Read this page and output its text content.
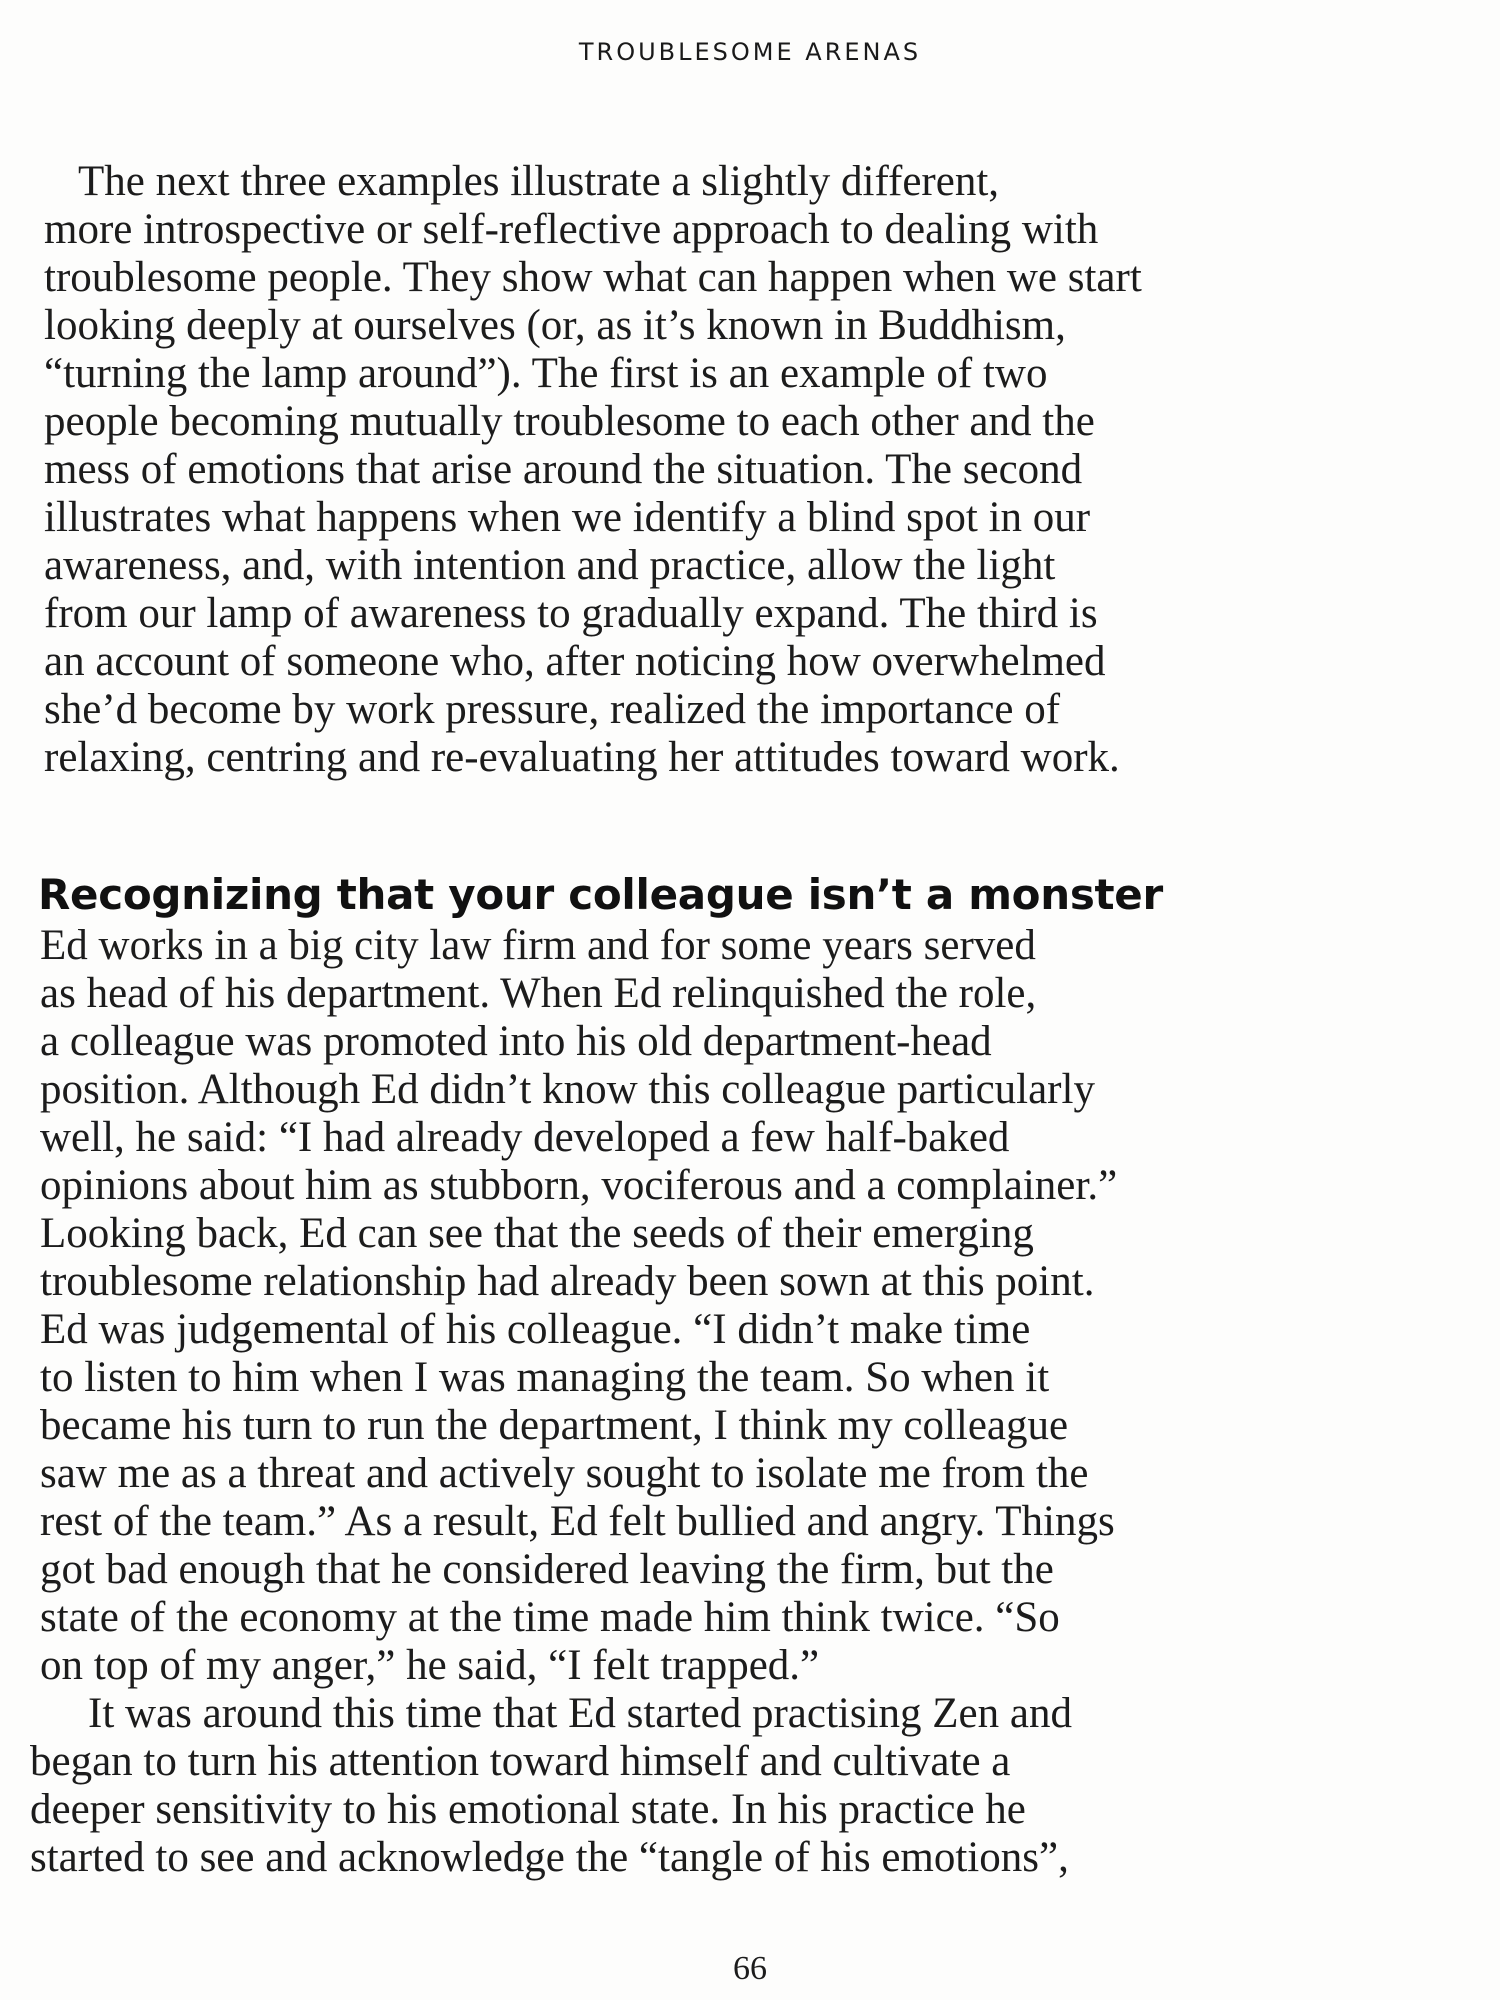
TROUBLESOME ARENAS
The next three examples illustrate a slightly different,
more introspective or self-reflective approach to dealing with
troublesome people. They show what can happen when we start
looking deeply at ourselves (or, as it’s known in Buddhism,
“turning the lamp around”). The first is an example of two
people becoming mutually troublesome to each other and the
mess of emotions that arise around the situation. The second
illustrates what happens when we identify a blind spot in our
awareness, and, with intention and practice, allow the light
from our lamp of awareness to gradually expand. The third is
an account of someone who, after noticing how overwhelmed
she’d become by work pressure, realized the importance of
relaxing, centring and re-evaluating her attitudes toward work.
Recognizing that your colleague isn’t a monster
Ed works in a big city law firm and for some years served
as head of his department. When Ed relinquished the role,
a colleague was promoted into his old department-head
position. Although Ed didn’t know this colleague particularly
well, he said: “I had already developed a few half-baked
opinions about him as stubborn, vociferous and a complainer.”
Looking back, Ed can see that the seeds of their emerging
troublesome relationship had already been sown at this point.
Ed was judgemental of his colleague. “I didn’t make time
to listen to him when I was managing the team. So when it
became his turn to run the department, I think my colleague
saw me as a threat and actively sought to isolate me from the
rest of the team.” As a result, Ed felt bullied and angry. Things
got bad enough that he considered leaving the firm, but the
state of the economy at the time made him think twice. “So
on top of my anger,” he said, “I felt trapped.”
It was around this time that Ed started practising Zen and
began to turn his attention toward himself and cultivate a
deeper sensitivity to his emotional state. In his practice he
started to see and acknowledge the “tangle of his emotions”,
66
